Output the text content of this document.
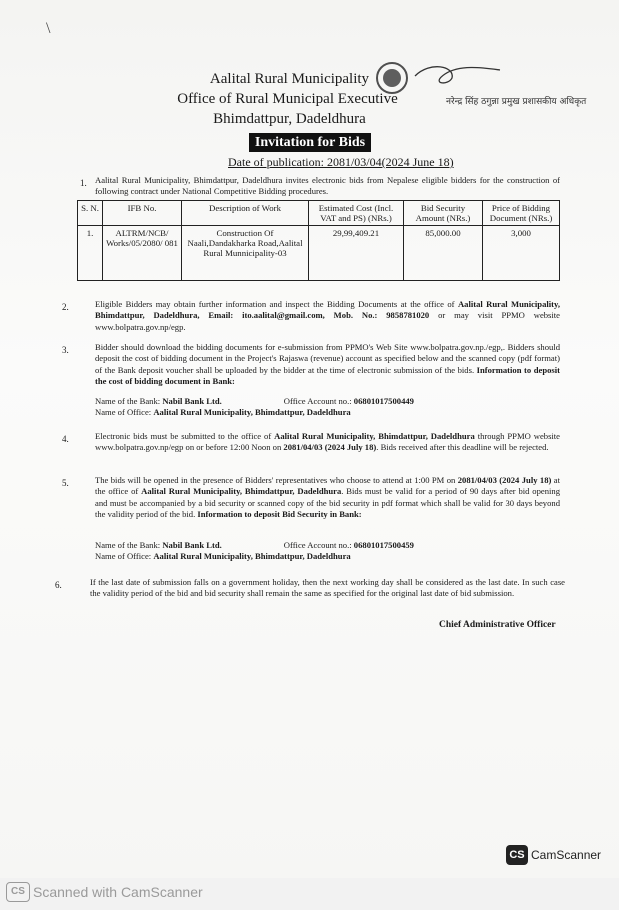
\
Aalital Rural Municipality
Office of Rural Municipal Executive
Bhimdattpur, Dadeldhura
Invitation for Bids
Date of publication: 2081/03/04(2024 June 18)
नरेन्द्र सिंह ठगुन्ना प्रमुख प्रशासकीय अधिकृत
1. Aalital Rural Municipality, Bhimdattpur, Dadeldhura invites electronic bids from Nepalese eligible bidders for the construction of following contract under National Competitive Bidding procedures.
S. N.	IFB No.	Description of Work	Estimated Cost (Incl. VAT and PS) (NRs.)	Bid Security Amount (NRs.)	Price of Bidding Document (NRs.)
1.	ALTRM/NCB/ Works/05/2080/ 081	Construction Of Naali,Dandakharka Road,Aalital Rural Munnicipality-03	29,99,409.21	85,000.00	3,000
2.	Eligible Bidders may obtain further information and inspect the Bidding Documents at the office of Aalital Rural Municipality, Bhimdattpur, Dadeldhura, Email: ito.aalital@gmail.com, Mob. No.: 9858781020 or may visit PPMO website www.bolpatra.gov.np/egp.
3.	Bidder should download the bidding documents for e-submission from PPMO's Web Site www.bolpatra.gov.np./egp,. Bidders should deposit the cost of bidding document in the Project's Rajaswa (revenue) account as specified below and the scanned copy (pdf format) of the Bank deposit voucher shall be uploaded by the bidder at the time of electronic submission of the bids. Information to deposit the cost of bidding document in Bank:
Name of the Bank: Nabil Bank Ltd.	Office Account no.: 06801017500449
Name of Office: Aalital Rural Municipality, Bhimdattpur, Dadeldhura
4.	Electronic bids must be submitted to the office of Aalital Rural Municipality, Bhimdattpur, Dadeldhura through PPMO website www.bolpatra.gov.np/egp on or before 12:00 Noon on 2081/04/03 (2024 July 18). Bids received after this deadline will be rejected.
5.	The bids will be opened in the presence of Bidders' representatives who choose to attend at 1:00 PM on 2081/04/03 (2024 July 18) at the office of Aalital Rural Municipality, Bhimdattpur, Dadeldhura. Bids must be valid for a period of 90 days after bid opening and must be accompanied by a bid security or scanned copy of the bid security in pdf format which shall be valid for 30 days beyond the validity period of the bid. Information to deposit Bid Security in Bank:
Name of the Bank: Nabil Bank Ltd.	Office Account no.: 06801017500459
Name of Office: Aalital Rural Municipality, Bhimdattpur, Dadeldhura
6.	If the last date of submission falls on a government holiday, then the next working day shall be considered as the last date. In such case the validity period of the bid and bid security shall remain the same as specified for the original last date of bid submission.
Chief Administrative Officer
CS CamScanner
CS Scanned with CamScanner
